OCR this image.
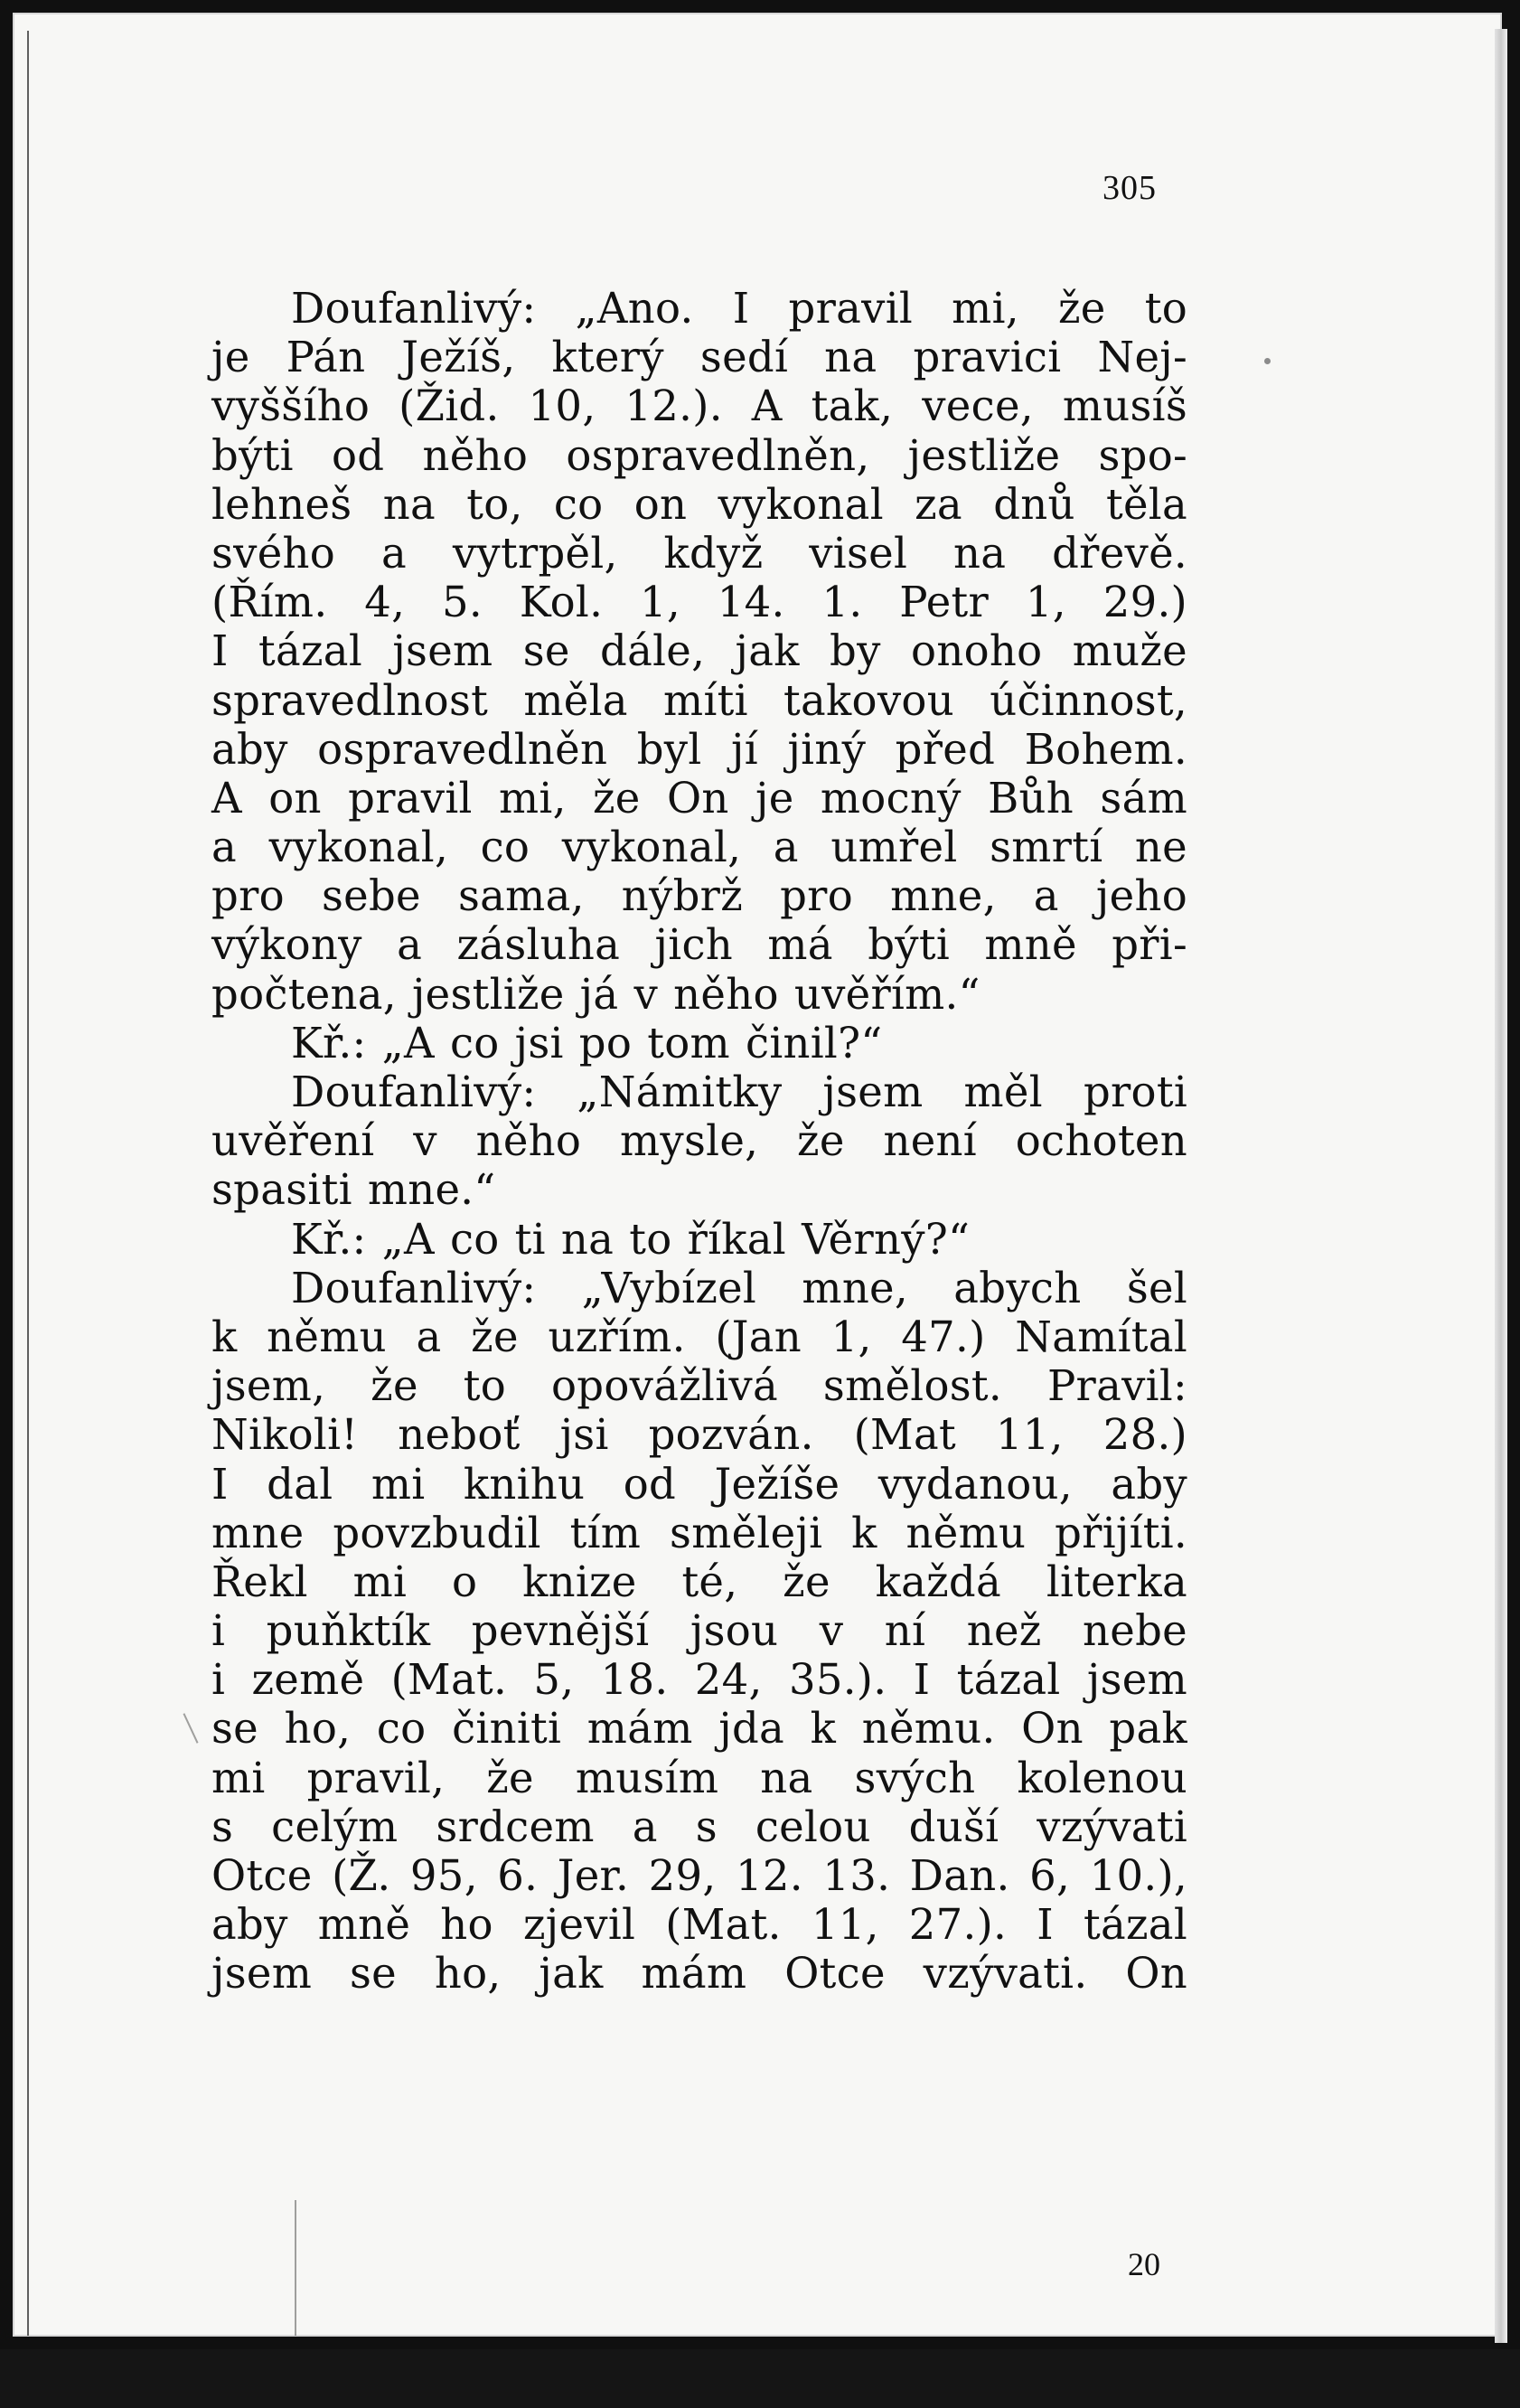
305
Doufanlivý: „Ano. I pravil mi, že to
je Pán Ježíš, který sedí na pravici Nej-
vyššího (Žid. 10, 12.). A tak, vece, musíš
býti od něho ospravedlněn, jestliže spo-
lehneš na to, co on vykonal za dnů těla
svého a vytrpěl, když visel na dřevě.
(Řím. 4, 5. Kol. 1, 14. 1. Petr 1, 29.)
I tázal jsem se dále, jak by onoho muže
spravedlnost měla míti takovou účinnost,
aby ospravedlněn byl jí jiný před Bohem.
A on pravil mi, že On je mocný Bůh sám
a vykonal, co vykonal, a umřel smrtí ne
pro sebe sama, nýbrž pro mne, a jeho
výkony a zásluha jich má býti mně při-
počtena, jestliže já v něho uvěřím.“
Kř.: „A co jsi po tom činil?“
Doufanlivý: „Námitky jsem měl proti
uvěření v něho mysle, že není ochoten
spasiti mne.“
Kř.: „A co ti na to říkal Věrný?“
Doufanlivý: „Vybízel mne, abych šel
k němu a že uzřím. (Jan 1, 47.) Namítal
jsem, že to opovážlivá smělost. Pravil:
Nikoli! neboť jsi pozván. (Mat 11, 28.)
I dal mi knihu od Ježíše vydanou, aby
mne povzbudil tím směleji k němu přijíti.
Řekl mi o knize té, že každá literka
i puňktík pevnější jsou v ní než nebe
i země (Mat. 5, 18. 24, 35.). I tázal jsem
se ho, co činiti mám jda k němu. On pak
mi pravil, že musím na svých kolenou
s celým srdcem a s celou duší vzývati
Otce (Ž. 95, 6. Jer. 29, 12. 13. Dan. 6, 10.),
aby mně ho zjevil (Mat. 11, 27.). I tázal
jsem se ho, jak mám Otce vzývati. On
20
